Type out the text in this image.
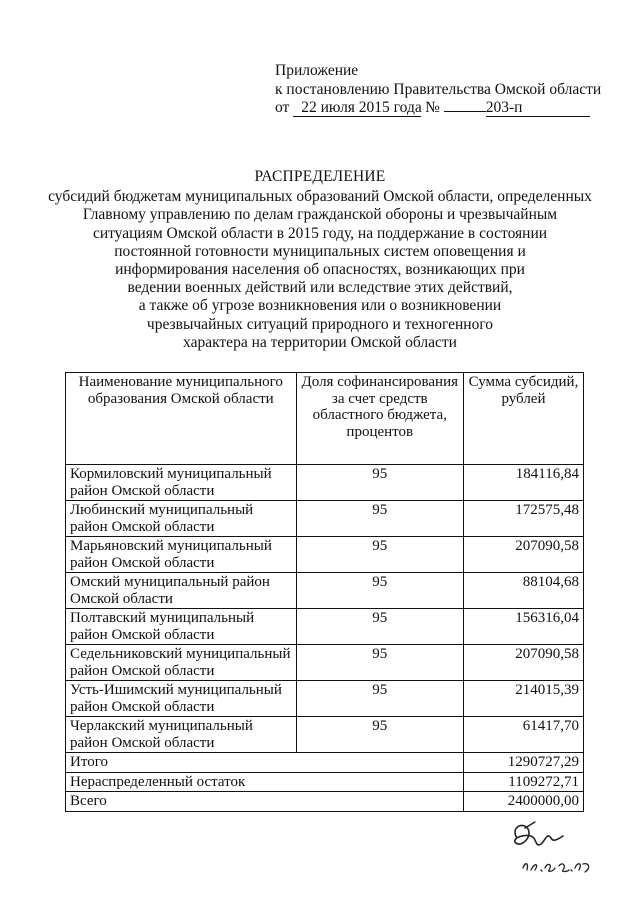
Приложение
к постановлению Правительства Омской области
от 22 июля 2015 года №	203-п
РАСПРЕДЕЛЕНИЕ
субсидий бюджетам муниципальных образований Омской области, определенных
Главному управлению по делам гражданской обороны и чрезвычайным
ситуациям Омской области в 2015 году, на поддержание в состоянии
постоянной готовности муниципальных систем оповещения и
информирования населения об опасностях, возникающих при
ведении военных действий или вследствие этих действий,
а также об угрозе возникновения или о возникновении
чрезвычайных ситуаций природного и техногенного
характера на территории Омской области
Наименование муниципального образования Омской области	Доля софинансирования за счет средств областного бюджета, процентов	Сумма субсидий, рублей
Кормиловский муниципальный район Омской области	95	184116,84
Любинский муниципальный район Омской области	95	172575,48
Марьяновский муниципальный район Омской области	95	207090,58
Омский муниципальный район Омской области	95	88104,68
Полтавский муниципальный район Омской области	95	156316,04
Седельниковский муниципальный район Омской области	95	207090,58
Усть-Ишимский муниципальный район Омской области	95	214015,39
Черлакский муниципальный район Омской области	95	61417,70
Итого		1290727,29
Нераспределенный остаток		1109272,71
Всего		2400000,00
